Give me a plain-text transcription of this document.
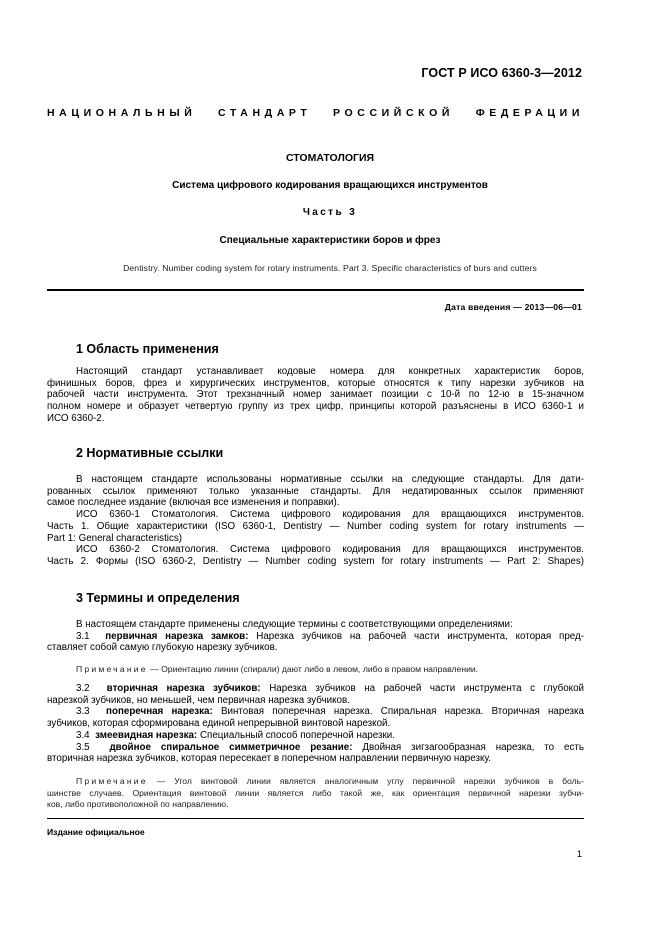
ГОСТ Р ИСО 6360-3—2012
НАЦИОНАЛЬНЫЙ СТАНДАРТ РОССИЙСКОЙ ФЕДЕРАЦИИ
СТОМАТОЛОГИЯ
Система цифрового кодирования вращающихся инструментов
Часть 3
Специальные характеристики боров и фрез
Dentistry. Number coding system for rotary instruments. Part 3. Specific characteristics of burs and cutters
Дата введения — 2013—06—01
1 Область применения
Настоящий стандарт устанавливает кодовые номера для конкретных характеристик боров,
финишных боров, фрез и хирургических инструментов, которые относятся к типу нарезки зубчиков на
рабочей части инструмента. Этот трехзначный номер занимает позиции с 10-й по 12-ю в 15-значном
полном номере и образует четвертую группу из трех цифр, принципы которой разъяснены в ИСО 6360-1 и
ИСО 6360-2.
2 Нормативные ссылки
В настоящем стандарте использованы нормативные ссылки на следующие стандарты. Для дати-
рованных ссылок применяют только указанные стандарты. Для недатированных ссылок применяют
самое последнее издание (включая все изменения и поправки).
ИСО 6360-1 Стоматология. Система цифрового кодирования для вращающихся инструментов.
Часть 1. Общие характеристики (ISO 6360-1, Dentistry — Number coding system for rotary instruments —
Part 1: General characteristics)
ИСО 6360-2 Стоматология. Система цифрового кодирования для вращающихся инструментов.
Часть 2. Формы (ISO 6360-2, Dentistry — Number coding system for rotary instruments — Part 2: Shapes)
3 Термины и определения
В настоящем стандарте применены следующие термины с соответствующими определениями:
3.1 первичная нарезка замков: Нарезка зубчиков на рабочей части инструмента, которая пред-
ставляет собой самую глубокую нарезку зубчиков.
Примечание — Ориентацию линии (спирали) дают либо в левом, либо в правом направлении.
3.2 вторичная нарезка зубчиков: Нарезка зубчиков на рабочей части инструмента с глубокой
нарезкой зубчиков, но меньшей, чем первичная нарезка зубчиков.
3.3 поперечная нарезка: Винтовая поперечная нарезка. Спиральная нарезка. Вторичная нарезка
зубчиков, которая сформирована единой непрерывной винтовой нарезкой.
3.4 змеевидная нарезка: Специальный способ поперечной нарезки.
3.5 двойное спиральное симметричное резание: Двойная зигзагообразная нарезка, то есть
вторичная нарезка зубчиков, которая пересекает в поперечном направлении первичную нарезку.
Примечание — Угол винтовой линии является аналогичным углу первичной нарезки зубчиков в боль-
шинстве случаев. Ориентация винтовой линии является либо такой же, как ориентация первичной нарезки зубчи-
ков, либо противоположной по направлению.
Издание официальное
1
